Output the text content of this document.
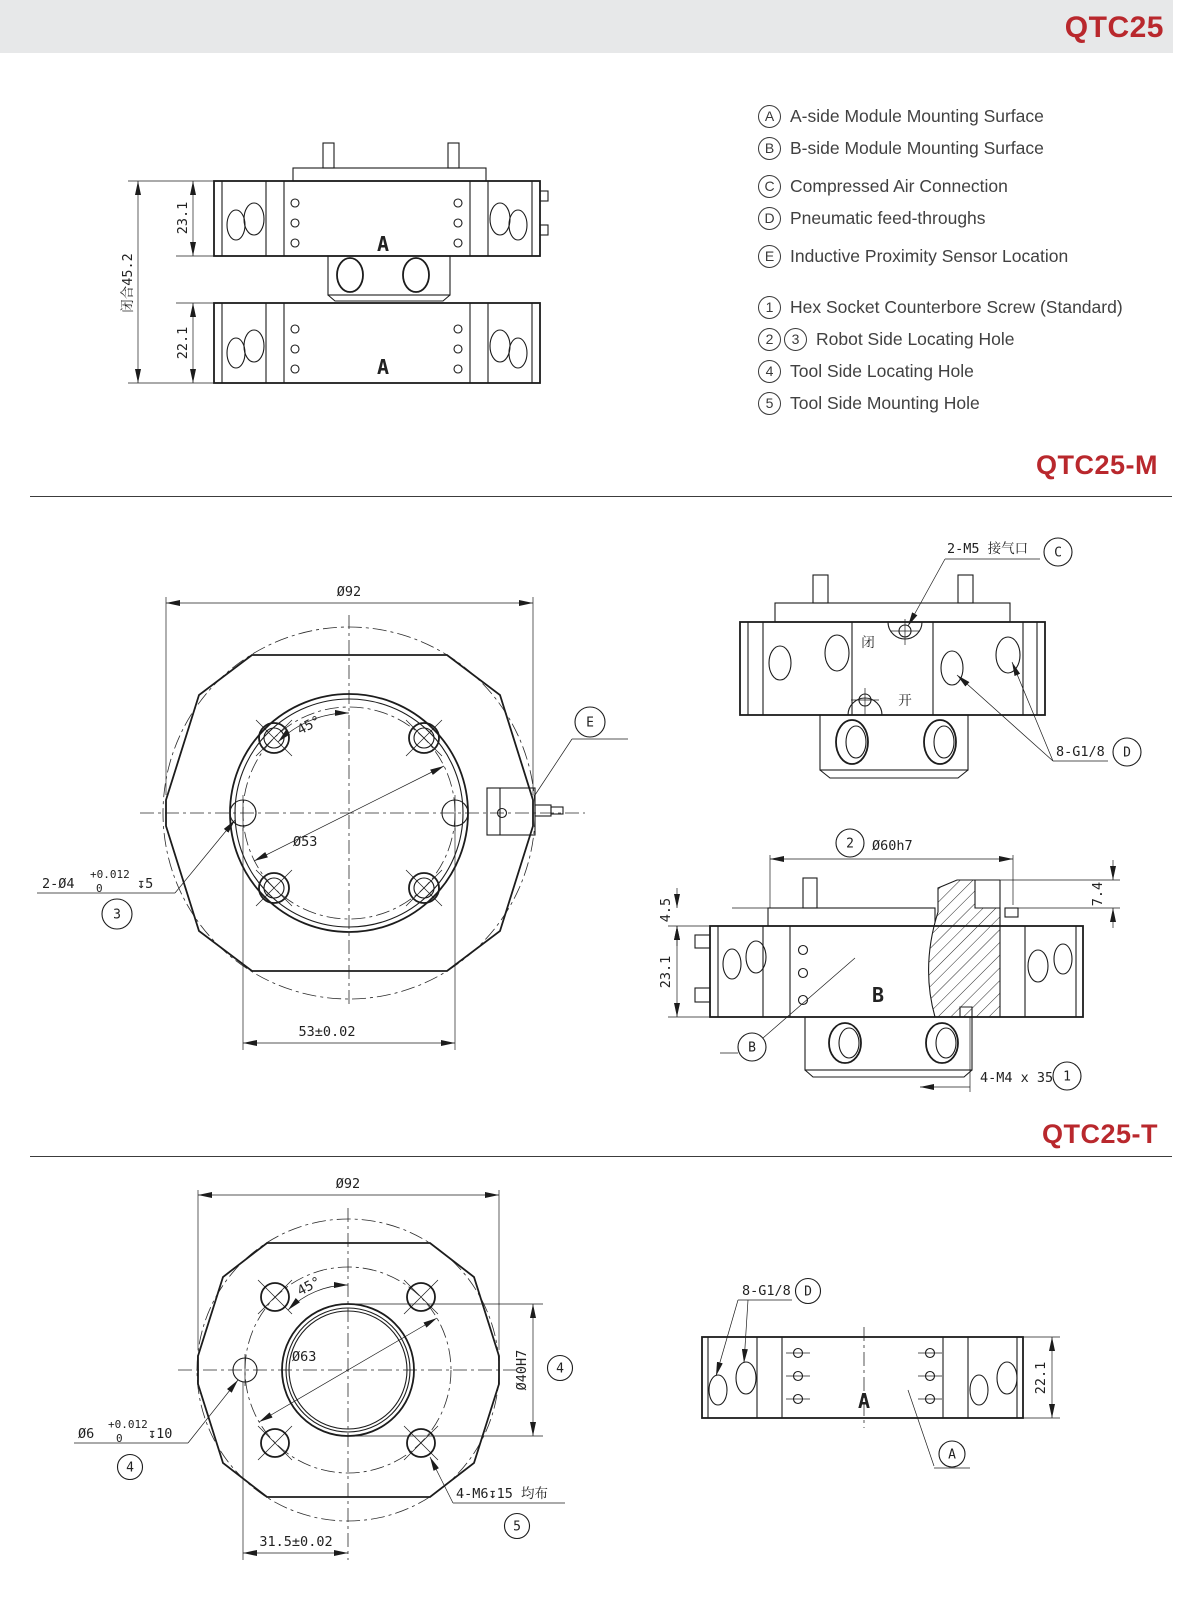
QTC25
A A-side Module Mounting Surface
B B-side Module Mounting Surface
C Compressed Air Connection
D Pneumatic feed-throughs
E Inductive Proximity Sensor Location
1 Hex Socket Counterbore Screw (Standard)
2	3 Robot Side Locating Hole
4 Tool Side Locating Hole
5 Tool Side Mounting Hole
QTC25-M
QTC25-T
A
A
23.1
22.1
闭合45.2
Ø92
45°
Ø53
53±0.02
2-Ø4
+0.012
0	↧5
3
E
闭
开
2-M5 接气口 C
8-G1/8 D
B
2 Ø60h7
4.5
23.1
7.4
B
4-M4 x 35 1
Ø92
45°
Ø63	Ø40H7 4
31.5±0.02
Ø6
+0.012
0 ↧10
4
4-M6↧15 均布
5
A
22.1
8-G1/8 D
A
